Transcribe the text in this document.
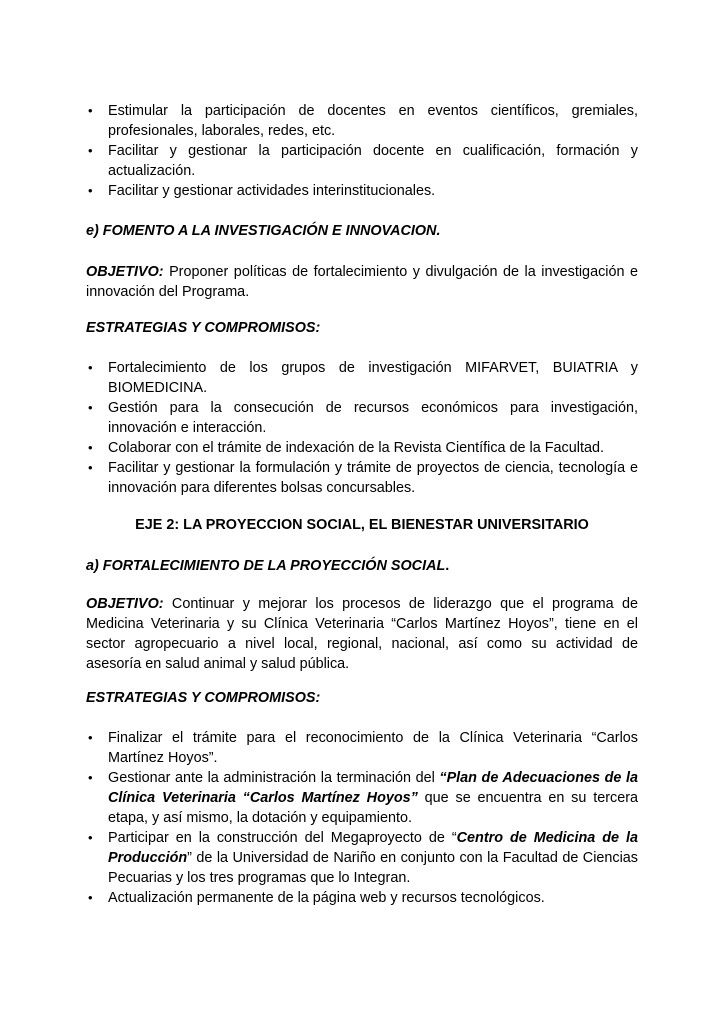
• Estimular la participación de docentes en eventos científicos, gremiales, profesionales, laborales, redes, etc.
• Facilitar y gestionar la participación docente en cualificación, formación y actualización.
• Facilitar y gestionar actividades interinstitucionales.
e) FOMENTO A LA INVESTIGACIÓN E INNOVACION.

OBJETIVO: Proponer políticas de fortalecimiento y divulgación de la investigación e innovación del Programa.

ESTRATEGIAS Y COMPROMISOS:
• Fortalecimiento de los grupos de investigación MIFARVET, BUIATRIA y BIOMEDICINA.
• Gestión para la consecución de recursos económicos para investigación, innovación e interacción.
• Colaborar con el trámite de indexación de la Revista Científica de la Facultad.
• Facilitar y gestionar la formulación y trámite de proyectos de ciencia, tecnología e innovación para diferentes bolsas concursables.
EJE 2: LA PROYECCION SOCIAL, EL BIENESTAR UNIVERSITARIO
a) FORTALECIMIENTO DE LA PROYECCIÓN SOCIAL.

OBJETIVO: Continuar y mejorar los procesos de liderazgo que el programa de Medicina Veterinaria y su Clínica Veterinaria “Carlos Martínez Hoyos”, tiene en el sector agropecuario a nivel local, regional, nacional, así como su actividad de asesoría en salud animal y salud pública.

ESTRATEGIAS Y COMPROMISOS:
• Finalizar el trámite para el reconocimiento de la Clínica Veterinaria “Carlos Martínez Hoyos”.
• Gestionar ante la administración la terminación del “Plan de Adecuaciones de la Clínica Veterinaria “Carlos Martínez Hoyos” que se encuentra en su tercera etapa, y así mismo, la dotación y equipamiento.
• Participar en la construcción del Megaproyecto de “Centro de Medicina de la Producción” de la Universidad de Nariño en conjunto con la Facultad de Ciencias Pecuarias y los tres programas que lo Integran.
• Actualización permanente de la página web y recursos tecnológicos.
